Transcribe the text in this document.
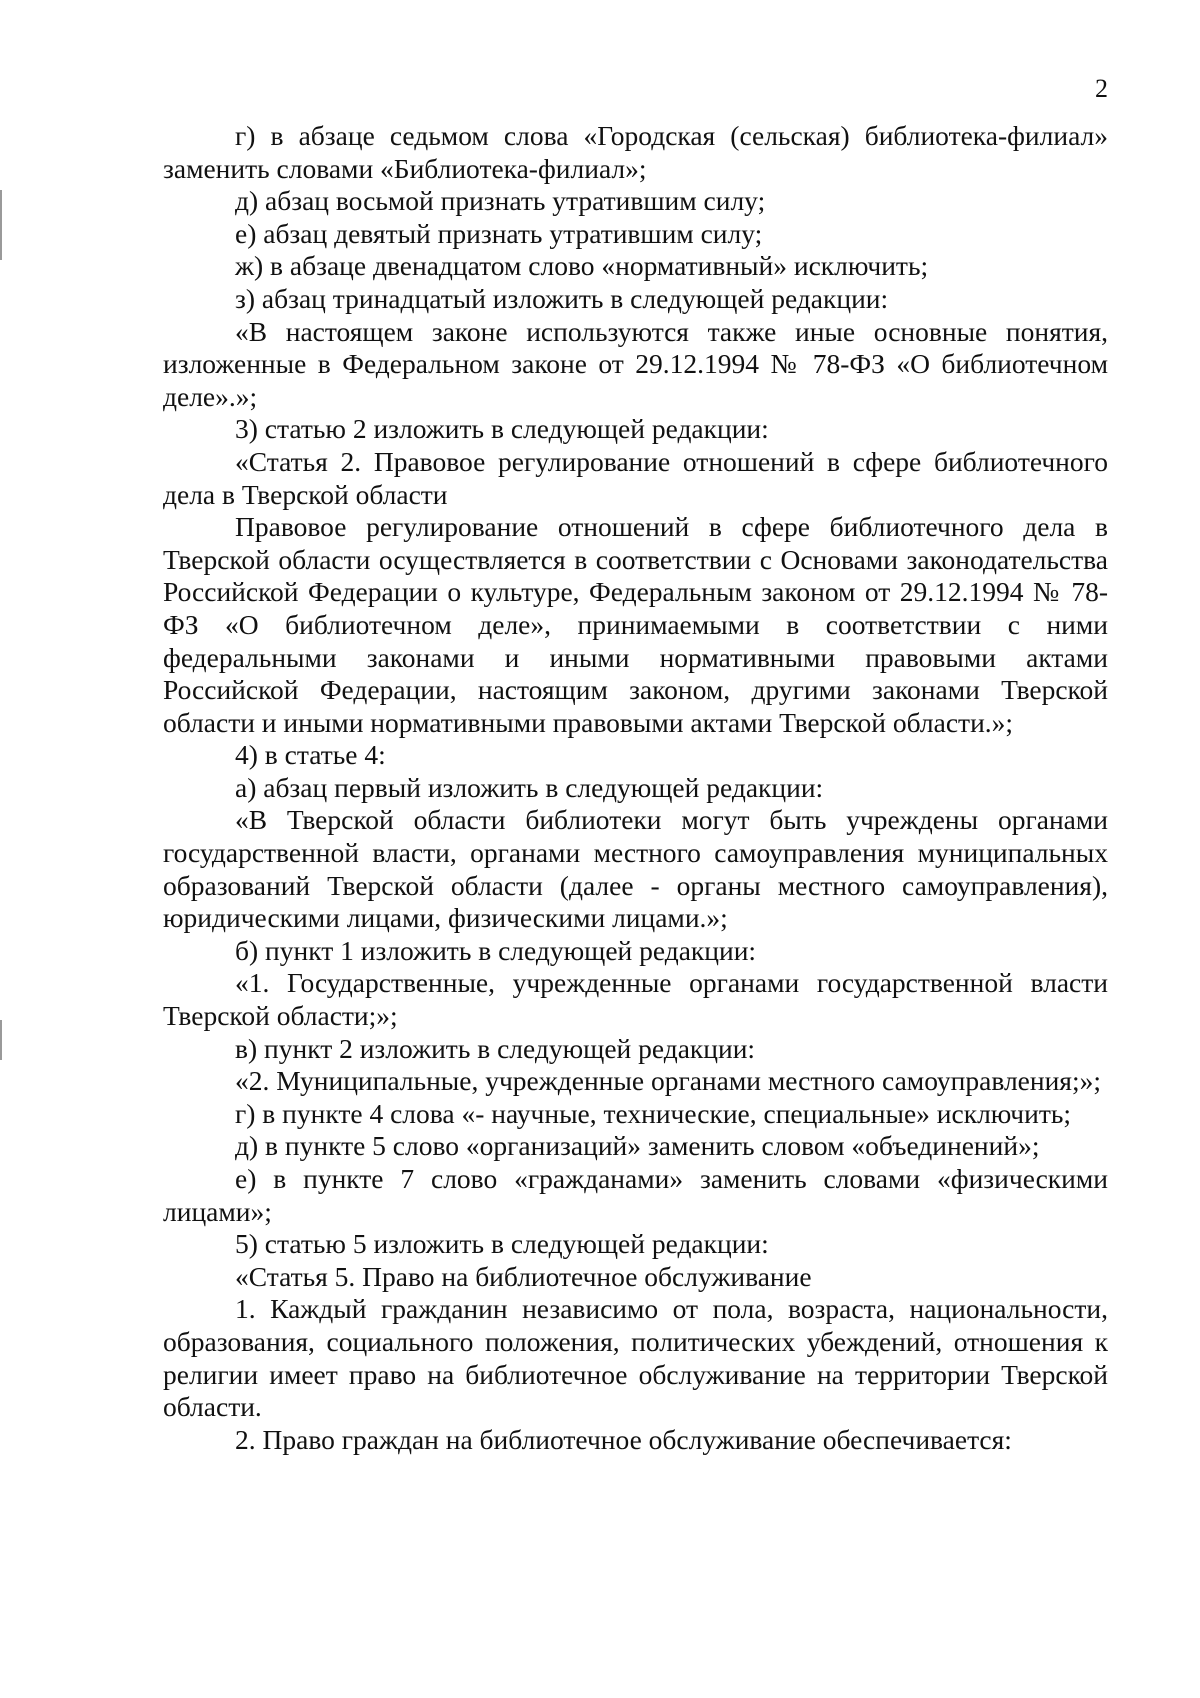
2

г) в абзаце седьмом слова «Городская (сельская) библиотека-филиал» заменить словами «Библиотека-филиал»;

д) абзац восьмой признать утратившим силу;

е) абзац девятый признать утратившим силу;

ж) в абзаце двенадцатом слово «нормативный» исключить;

з) абзац тринадцатый изложить в следующей редакции:

«В настоящем законе используются также иные основные понятия, изложенные в Федеральном законе от 29.12.1994 № 78-ФЗ «О библиотечном деле».»;

3) статью 2 изложить в следующей редакции:

«Статья 2. Правовое регулирование отношений в сфере библиотечного дела в Тверской области

Правовое регулирование отношений в сфере библиотечного дела в Тверской области осуществляется в соответствии с Основами законодательства Российской Федерации о культуре, Федеральным законом от 29.12.1994 № 78-ФЗ «О библиотечном деле», принимаемыми в соответствии с ними федеральными законами и иными нормативными правовыми актами Российской Федерации, настоящим законом, другими законами Тверской области и иными нормативными правовыми актами Тверской области.»;

4) в статье 4:

а) абзац первый изложить в следующей редакции:

«В Тверской области библиотеки могут быть учреждены органами государственной власти, органами местного самоуправления муниципальных образований Тверской области (далее - органы местного самоуправления), юридическими лицами, физическими лицами.»;

б) пункт 1 изложить в следующей редакции:

«1. Государственные, учрежденные органами государственной власти Тверской области;»;

в) пункт 2 изложить в следующей редакции:

«2. Муниципальные, учрежденные органами местного самоуправления;»;

г) в пункте 4 слова «- научные, технические, специальные» исключить;

д) в пункте 5 слово «организаций» заменить словом «объединений»;

е) в пункте 7 слово «гражданами» заменить словами «физическими лицами»;

5) статью 5 изложить в следующей редакции:

«Статья 5. Право на библиотечное обслуживание

1. Каждый гражданин независимо от пола, возраста, национальности, образования, социального положения, политических убеждений, отношения к религии имеет право на библиотечное обслуживание на территории Тверской области.

2. Право граждан на библиотечное обслуживание обеспечивается:
